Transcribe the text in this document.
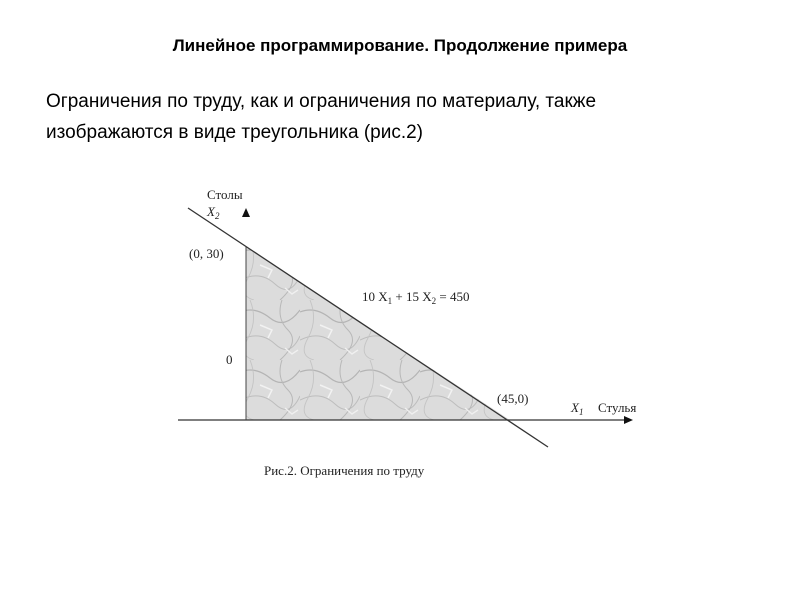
Линейное программирование. Продолжение примера
Ограничения по труду, как и ограничения по материалу, также
изображаются в виде треугольника (рис.2)
Столы
$X_2$
(0, 30)
0
(45,0)
10 $X_1 + 15$ $X_2 = 450$
$X_1$ Стулья
Рис.2. Ограничения по труду
